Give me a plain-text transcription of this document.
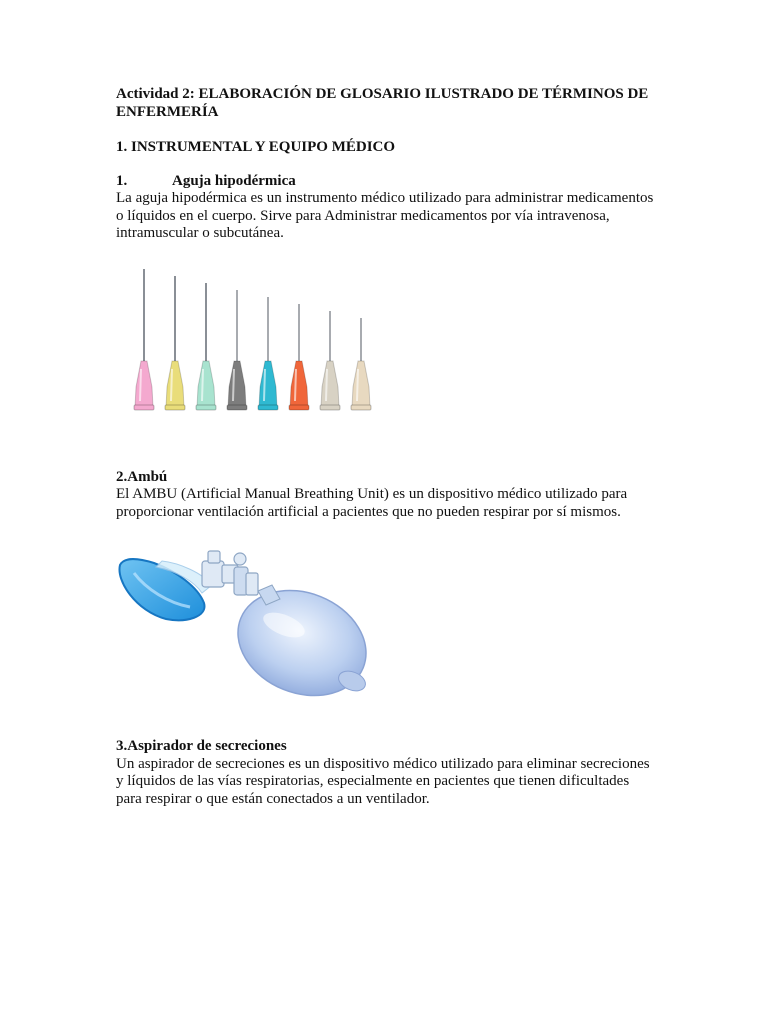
Actividad 2: ELABORACIÓN DE GLOSARIO ILUSTRADO DE TÉRMINOS DE ENFERMERÍA

1. INSTRUMENTAL Y EQUIPO MÉDICO

1.	Aguja hipodérmica

La aguja hipodérmica es un instrumento médico utilizado para administrar medicamentos o líquidos en el cuerpo. Sirve para Administrar medicamentos por vía intravenosa, intramuscular o subcutánea.

2.Ambú

El AMBU (Artificial Manual Breathing Unit) es un dispositivo médico utilizado para proporcionar ventilación artificial a pacientes que no pueden respirar por sí mismos.

3.Aspirador de secreciones

Un aspirador de secreciones es un dispositivo médico utilizado para eliminar secreciones y líquidos de las vías respiratorias, especialmente en pacientes que tienen dificultades para respirar o que están conectados a un ventilador.
